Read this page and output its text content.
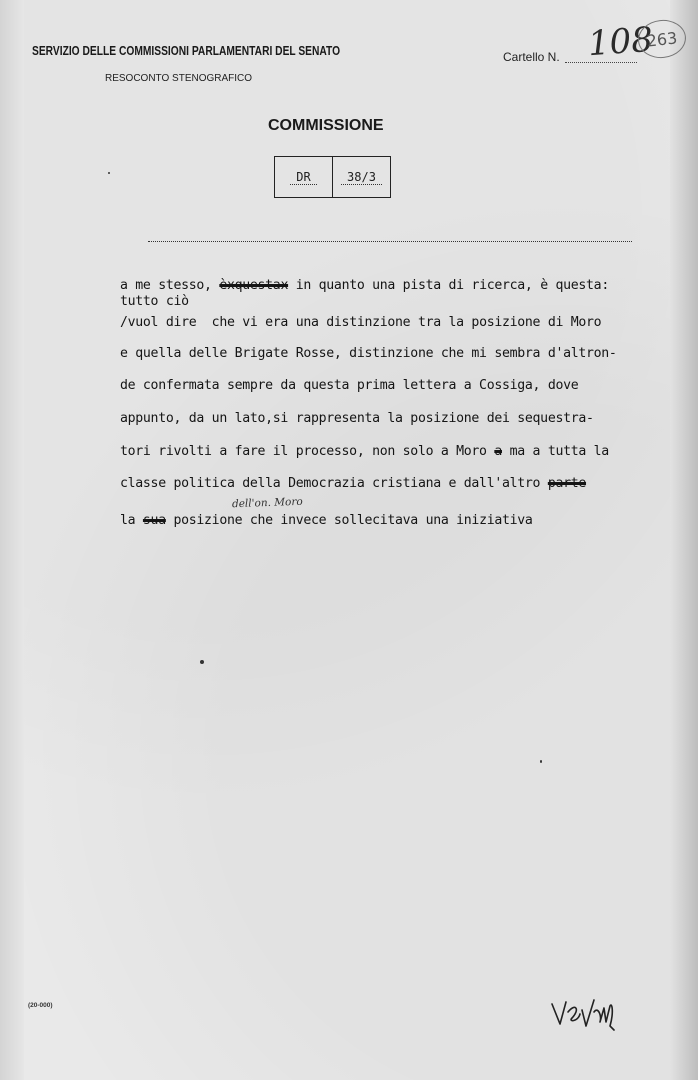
SERVIZIO DELLE COMMISSIONI PARLAMENTARI DEL SENATO
RESOCONTO STENOGRAFICO
Cartello N. 108
263
COMMISSIONE
DR	38/3
a me stesso, èxquestax in quanto una pista di ricerca, è questa:
tutto ciò
/vuol dire  che vi era una distinzione tra la posizione di Moro
e quella delle Brigate Rosse, distinzione che mi sembra d'altron-
de confermata sempre da questa prima lettera a Cossiga, dove
appunto, da un lato,si rappresenta la posizione dei sequestra-
tori rivolti a fare il processo, non solo a Moro a ma a tutta la
classe politica della Democrazia cristiana e dall'altro parte
dell'on. Moro
la sua posizione che invece sollecitava una iniziativa
(20-000)
